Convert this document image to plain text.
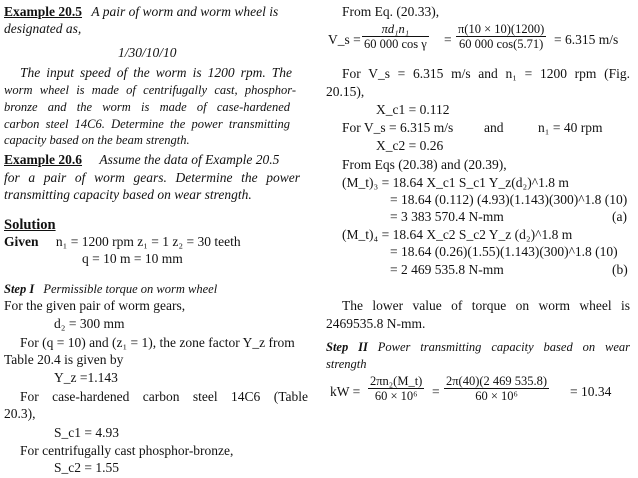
Example 20.5 A pair of worm and worm wheel is
designated as,
1/30/10/10
The input speed of the worm is 1200 rpm. The
worm wheel is made of centrifugally cast, phosphor-
bronze and the worm is made of case-hardened
carbon steel 14C6. Determine the power transmitting
capacity based on the beam strength.
Example 20.6 Assume the data of Example 20.5
for a pair of worm gears. Determine the power
transmitting capacity based on wear strength.
Solution
Given n₁ = 1200 rpm z₁ = 1 z₂ = 30 teeth
q = 10 m = 10 mm
Step I Permissible torque on worm wheel
For the given pair of worm gears,
d₂ = 300 mm
For (q = 10) and (z₁ = 1), the zone factor Y_z from
Table 20.4 is given by
Y_z =1.143
For case-hardened carbon steel 14C6 (Table
20.3),
S_c1 = 4.93
For centrifugally cast phosphor-bronze,
S_c2 = 1.55
From Eq. (20.33),
V_s = $\frac{\text{πd₁n₁}}{\text{60 000 cos γ}} = \frac{\pi(10 \times 10)(1200)}{60 000 \cos(5.71)} = 6.315$ m/s
For V_s = 6.315 m/s and n₁ = 1200 rpm (Fig.
20.15),
X_c1 = 0.112
For V_s = 6.315 m/s and	n₁ = 40 rpm
X_c2 = 0.26
From Eqs (20.38) and (20.39),
(M_t)₃ = 18.64 X_c1 S_c1 Y_z(d₂)^1.8 m
= 18.64 (0.112) (4.93)(1.143)(300)^1.8 (10)
= 3 383 570.4 N-mm	(a)
(M_t)₄ = 18.64 X_c2 S_c2 Y_z (d₂)^1.8 m
= 18.64 (0.26)(1.55)(1.143)(300)^1.8 (10)
= 2 469 535.8 N-mm	(b)
The lower value of torque on worm wheel is
2469535.8 N-mm.
Step II Power transmitting capacity based on wear
strength
kW = $\frac{\text{2πn₂(M\_t)}}{\text{60 × 10⁶}} = \frac{2\pi(40)(2 469 535.8)}{\text{60 × 10⁶}} = 10.34$
